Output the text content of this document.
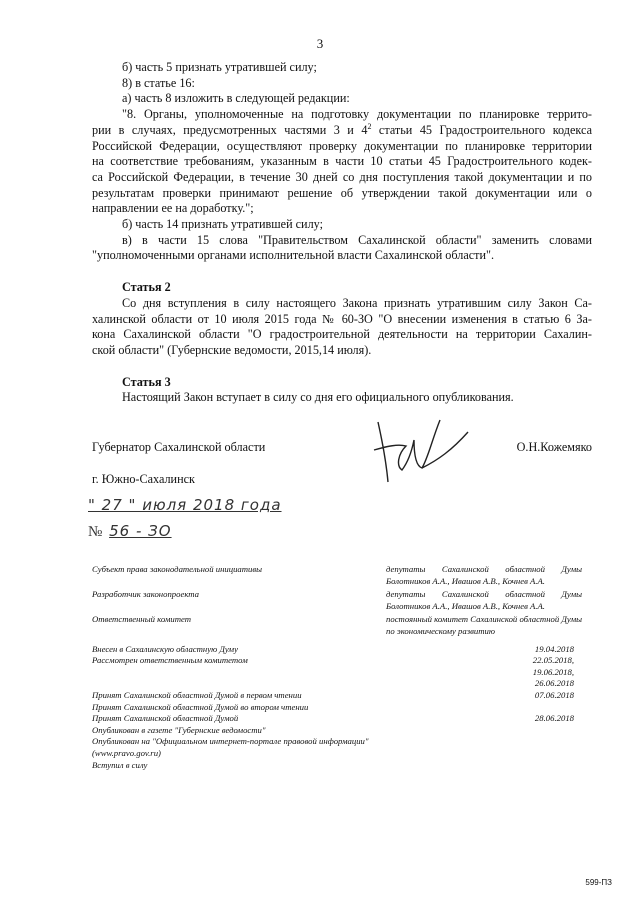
3
б) часть 5 признать утратившей силу;
8) в статье 16:
а) часть 8 изложить в следующей редакции:
"8. Органы, уполномоченные на подготовку документации по планировке террито-
рии в случаях, предусмотренных частями 3 и $4^2$ статьи 45 Градостроительного кодекса
Российской Федерации, осуществляют проверку документации по планировке территории
на соответствие требованиям, указанным в части 10 статьи 45 Градостроительного кодек-
са Российской Федерации, в течение 30 дней со дня поступления такой документации и по
результатам проверки принимают решение об утверждении такой документации или о
направлении ее на доработку.";
б) часть 14 признать утратившей силу;
в) в части 15 слова "Правительством Сахалинской области" заменить словами
"уполномоченными органами исполнительной власти Сахалинской области".
Статья 2
Со дня вступления в силу настоящего Закона признать утратившим силу Закон Са-
халинской области от 10 июля 2015 года № 60-ЗО "О внесении изменения в статью 6 За-
кона Сахалинской области "О градостроительной деятельности на территории Сахалин-
ской области" (Губернские ведомости, 2015,14 июля).
Статья 3
Настоящий Закон вступает в силу со дня его официального опубликования.
Губернатор Сахалинской области	О.Н.Кожемяко
г. Южно-Сахалинск
" 27 " июля 2018 года
№ 56 - ЗО
Субъект права законодательной инициативы	депутаты Сахалинской областной Думы Болотников А.А., Ивашов А.В., Кочнев А.А.
Разработчик законопроекта	депутаты Сахалинской областной Думы Болотников А.А., Ивашов А.В., Кочнев А.А.
Ответственный комитет	постоянный комитет Сахалинской областной Думы по экономическому развитию
Внесен в Сахалинскую областную Думу	19.04.2018
Рассмотрен ответственным комитетом	22.05.2018,
19.06.2018,
26.06.2018
Принят Сахалинской областной Думой в первом чтении	07.06.2018
Принят Сахалинской областной Думой во втором чтении
Принят Сахалинской областной Думой	28.06.2018
Опубликован в газете "Губернские ведомости"
Опубликован на "Официальном интернет-портале правовой информации" (www.pravo.gov.ru)
Вступил в силу
599-ПЗ
